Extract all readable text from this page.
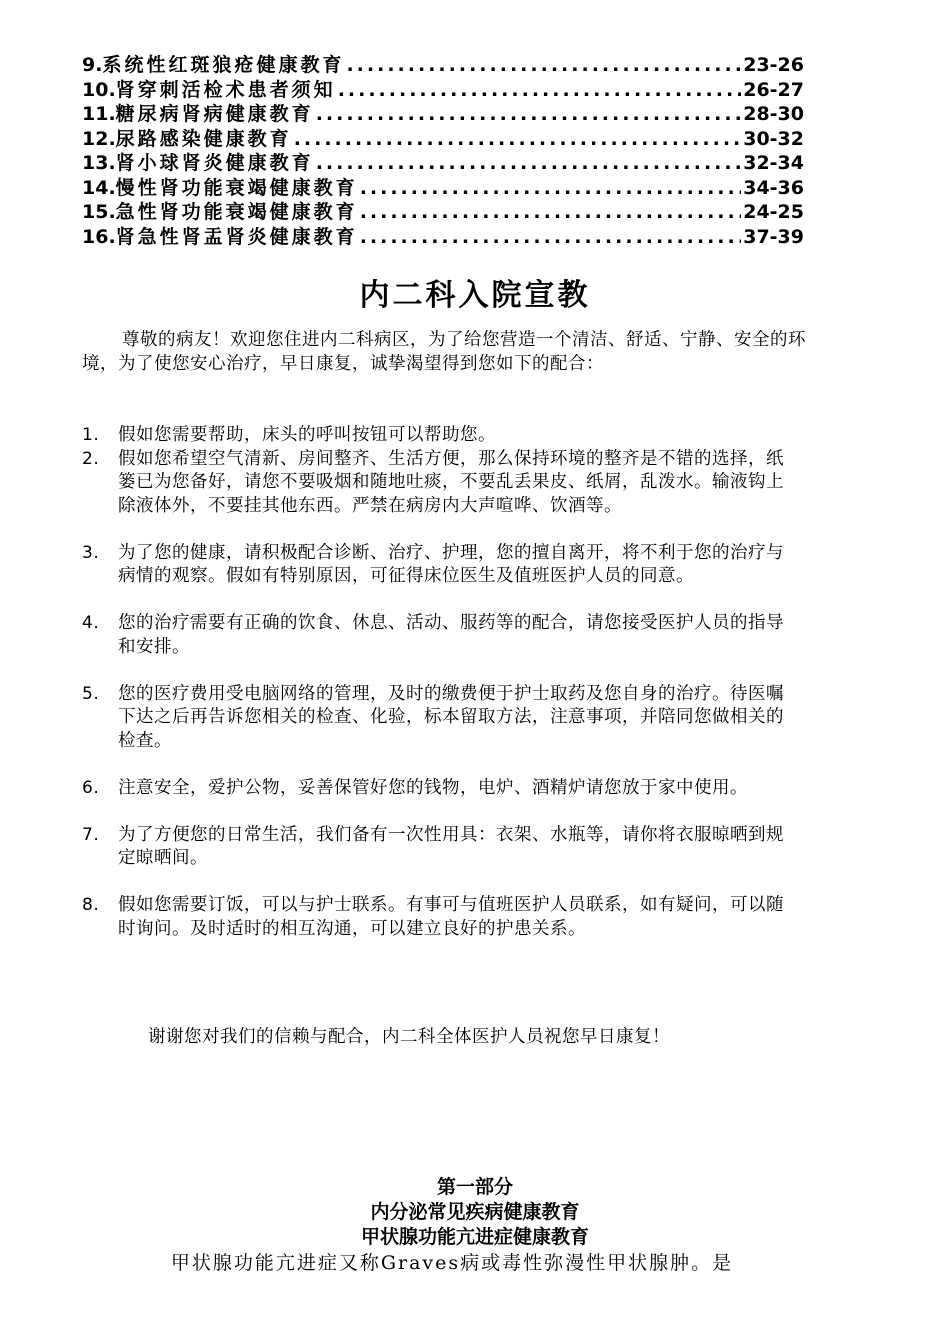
9. 系统性红斑狼疮健康教育 .....	23-26
10. 肾穿刺活检术患者须知 .....	26-27
11. 糖尿病肾病健康教育 .....	28-30
12. 尿路感染健康教育 .....	30-32
13. 肾小球肾炎健康教育 .....	32-34
14. 慢性肾功能衰竭健康教育 .....	34-36
15. 急性肾功能衰竭健康教育 .....	24-25
16. 肾急性肾盂肾炎健康教育 .....	37-39
内二科入院宣教
尊敬的病友！欢迎您住进内二科病区，为了给您营造一个清洁、舒适、宁静、安全的环境，为了使您安心治疗，早日康复，诚挚渴望得到您如下的配合：
1.	假如您需要帮助，床头的呼叫按钮可以帮助您。
2.	假如您希望空气清新、房间整齐、生活方便，那么保持环境的整齐是不错的选择，纸篓已为您备好，请您不要吸烟和随地吐痰，不要乱丢果皮、纸屑，乱泼水。输液钩上除液体外，不要挂其他东西。严禁在病房内大声喧哗、饮酒等。
3.	为了您的健康，请积极配合诊断、治疗、护理，您的擅自离开，将不利于您的治疗与病情的观察。假如有特别原因，可征得床位医生及值班医护人员的同意。
4.	您的治疗需要有正确的饮食、休息、活动、服药等的配合，请您接受医护人员的指导和安排。
5.	您的医疗费用受电脑网络的管理，及时的缴费便于护士取药及您自身的治疗。待医嘱下达之后再告诉您相关的检查、化验，标本留取方法，注意事项，并陪同您做相关的检查。
6.	注意安全，爱护公物，妥善保管好您的钱物，电炉、酒精炉请您放于家中使用。
7.	为了方便您的日常生活，我们备有一次性用具：衣架、水瓶等，请你将衣服晾晒到规定晾晒间。
8.	假如您需要订饭，可以与护士联系。有事可与值班医护人员联系，如有疑问，可以随时询问。及时适时的相互沟通，可以建立良好的护患关系。
谢谢您对我们的信赖与配合，内二科全体医护人员祝您早日康复！
第一部分
内分泌常见疾病健康教育
甲状腺功能亢进症健康教育
甲状腺功能亢进症又称Graves病或毒性弥漫性甲状腺肿。是
